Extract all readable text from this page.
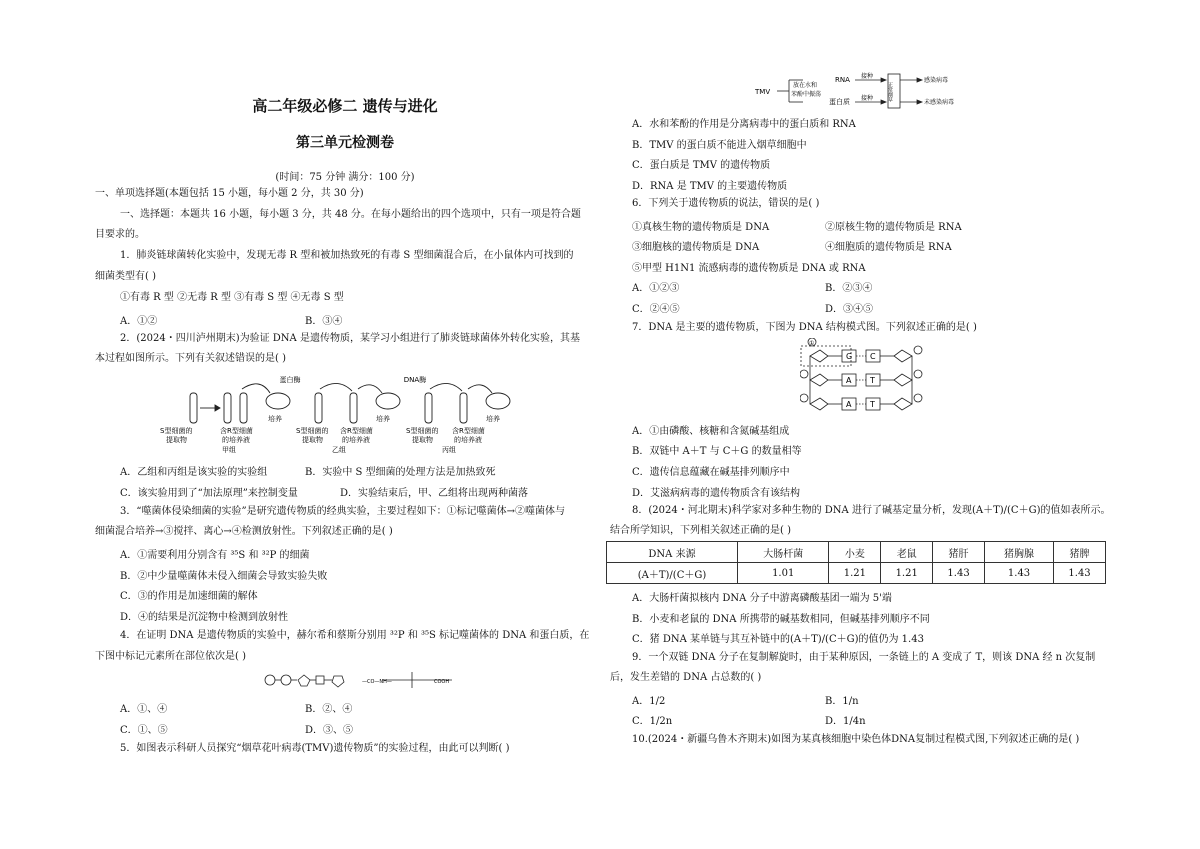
高二年级必修二 遗传与进化
第三单元检测卷
(时间：75 分钟 满分：100 分)
一、单项选择题(本题包括 15 小题，每小题 2 分，共 30 分)
一、选择题：本题共 16 小题，每小题 3 分，共 48 分。在每小题给出的四个选项中，只有一项是符合题
目要求的。
1．肺炎链球菌转化实验中，发现无毒 R 型和被加热致死的有毒 S 型细菌混合后，在小鼠体内可找到的
细菌类型有( )
①有毒 R 型 ②无毒 R 型 ③有毒 S 型 ④无毒 S 型
A．①②	B．③④
2．(2024・四川泸州期末)为验证 DNA 是遗传物质，某学习小组进行了肺炎链球菌体外转化实验，其基
本过程如图所示。下列有关叙述错误的是( )
蛋白酶	DNA酶
培养	培养	培养
S型细菌的
提取物
含R型细菌
的培养液
甲组
S型细菌的
提取物
含R型细菌
的培养液
乙组
S型细菌的
提取物
含R型细菌
的培养液
丙组
A．乙组和丙组是该实验的实验组	B．实验中 S 型细菌的处理方法是加热致死
C．该实验用到了“加法原理”来控制变量	D．实验结束后，甲、乙组将出现两种菌落
3．“噬菌体侵染细菌的实验”是研究遗传物质的经典实验，主要过程如下：①标记噬菌体→②噬菌体与
细菌混合培养→③搅拌、离心→④检测放射性。下列叙述正确的是( )
A．①需要利用分别含有 ³⁵S 和 ³²P 的细菌
B．②中少量噬菌体未侵入细菌会导致实验失败
C．③的作用是加速细菌的解体
D．④的结果是沉淀物中检测到放射性
4．在证明 DNA 是遗传物质的实验中，赫尔希和蔡斯分别用 ³²P 和 ³⁵S 标记噬菌体的 DNA 和蛋白质，在
下图中标记元素所在部位依次是( )
—CO—NH—	COOH
A．①、④	B．②、④
C．①、⑤	D．③、⑤
5．如图表示科研人员探究“烟草花叶病毒(TMV)遗传物质”的实验过程，由此可以判断( )
TMV
放在水和
苯酚中振荡
RNA
蛋白质
接种
接种	正常烟草
感染病毒
未感染病毒
A．水和苯酚的作用是分离病毒中的蛋白质和 RNA
B．TMV 的蛋白质不能进入烟草细胞中
C．蛋白质是 TMV 的遗传物质
D．RNA 是 TMV 的主要遗传物质
6．下列关于遗传物质的说法，错误的是( )
①真核生物的遗传物质是 DNA	②原核生物的遗传物质是 RNA
③细胞核的遗传物质是 DNA	④细胞质的遗传物质是 RNA
⑤甲型 H1N1 流感病毒的遗传物质是 DNA 或 RNA
A．①②③	B．②③④
C．②④⑤	D．③④⑤
7．DNA 是主要的遗传物质，下图为 DNA 结构模式图。下列叙述正确的是( )
①
G C
A T
A T
A．①由磷酸、核糖和含氮碱基组成
B．双链中 A＋T 与 C＋G 的数量相等
C．遗传信息蕴藏在碱基排列顺序中
D．艾滋病病毒的遗传物质含有该结构
8．(2024・河北期末)科学家对多种生物的 DNA 进行了碱基定量分析，发现(A＋T)/(C＋G)的值如表所示。
结合所学知识，下列相关叙述正确的是( )
DNA 来源	大肠杆菌	小麦	老鼠	猪肝	猪胸腺	猪脾
(A＋T)/(C＋G)	1.01	1.21	1.21	1.43	1.43	1.43
A．大肠杆菌拟核内 DNA 分子中游离磷酸基团一端为 5'端
B．小麦和老鼠的 DNA 所携带的碱基数相同，但碱基排列顺序不同
C．猪 DNA 某单链与其互补链中的(A＋T)/(C＋G)的值仍为 1.43
9．一个双链 DNA 分子在复制解旋时，由于某种原因，一条链上的 A 变成了 T，则该 DNA 经 n 次复制
后，发生差错的 DNA 占总数的( )
A．1/2	B．1/n
C．1/2n	D．1/4n
10.(2024・新疆乌鲁木齐期末)如图为某真核细胞中染色体DNA复制过程模式图,下列叙述正确的是( )
